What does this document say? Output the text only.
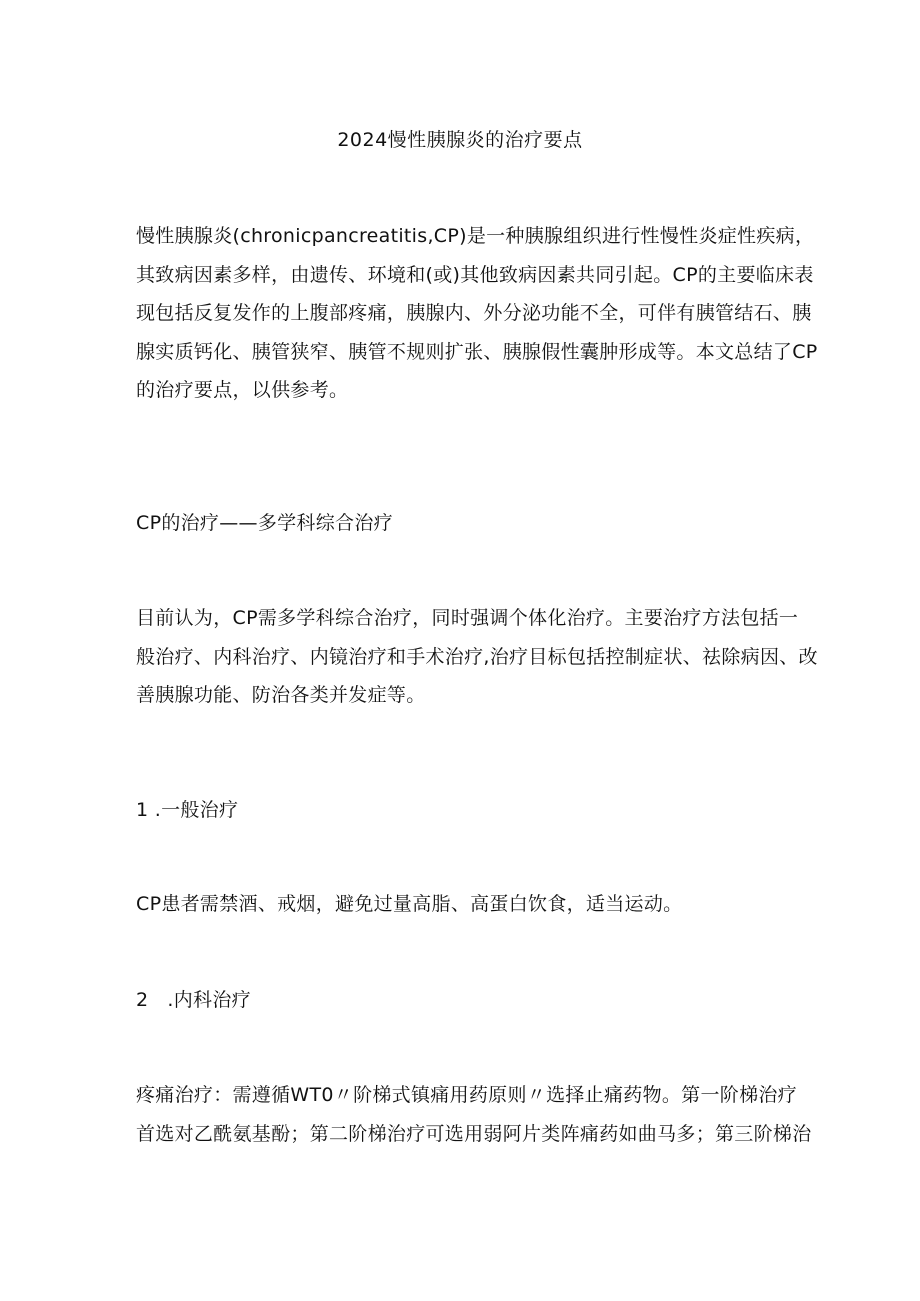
2024慢性胰腺炎的治疗要点
慢性胰腺炎(chronicpancreatitis,CP)是一种胰腺组织进行性慢性炎症性疾病，
其致病因素多样，由遗传、环境和(或)其他致病因素共同引起。CP的主要临床表
现包括反复发作的上腹部疼痛，胰腺内、外分泌功能不全，可伴有胰管结石、胰
腺实质钙化、胰管狭窄、胰管不规则扩张、胰腺假性囊肿形成等。本文总结了CP
的治疗要点，以供参考。
CP的治疗——多学科综合治疗
目前认为，CP需多学科综合治疗，同时强调个体化治疗。主要治疗方法包括一
般治疗、内科治疗、内镜治疗和手术治疗,治疗目标包括控制症状、祛除病因、改
善胰腺功能、防治各类并发症等。
1 .一般治疗
CP患者需禁酒、戒烟，避免过量高脂、高蛋白饮食，适当运动。
2   .内科治疗
疼痛治疗：需遵循WT0〃阶梯式镇痛用药原则〃选择止痛药物。第一阶梯治疗
首选对乙酰氨基酚；第二阶梯治疗可选用弱阿片类阵痛药如曲马多；第三阶梯治
